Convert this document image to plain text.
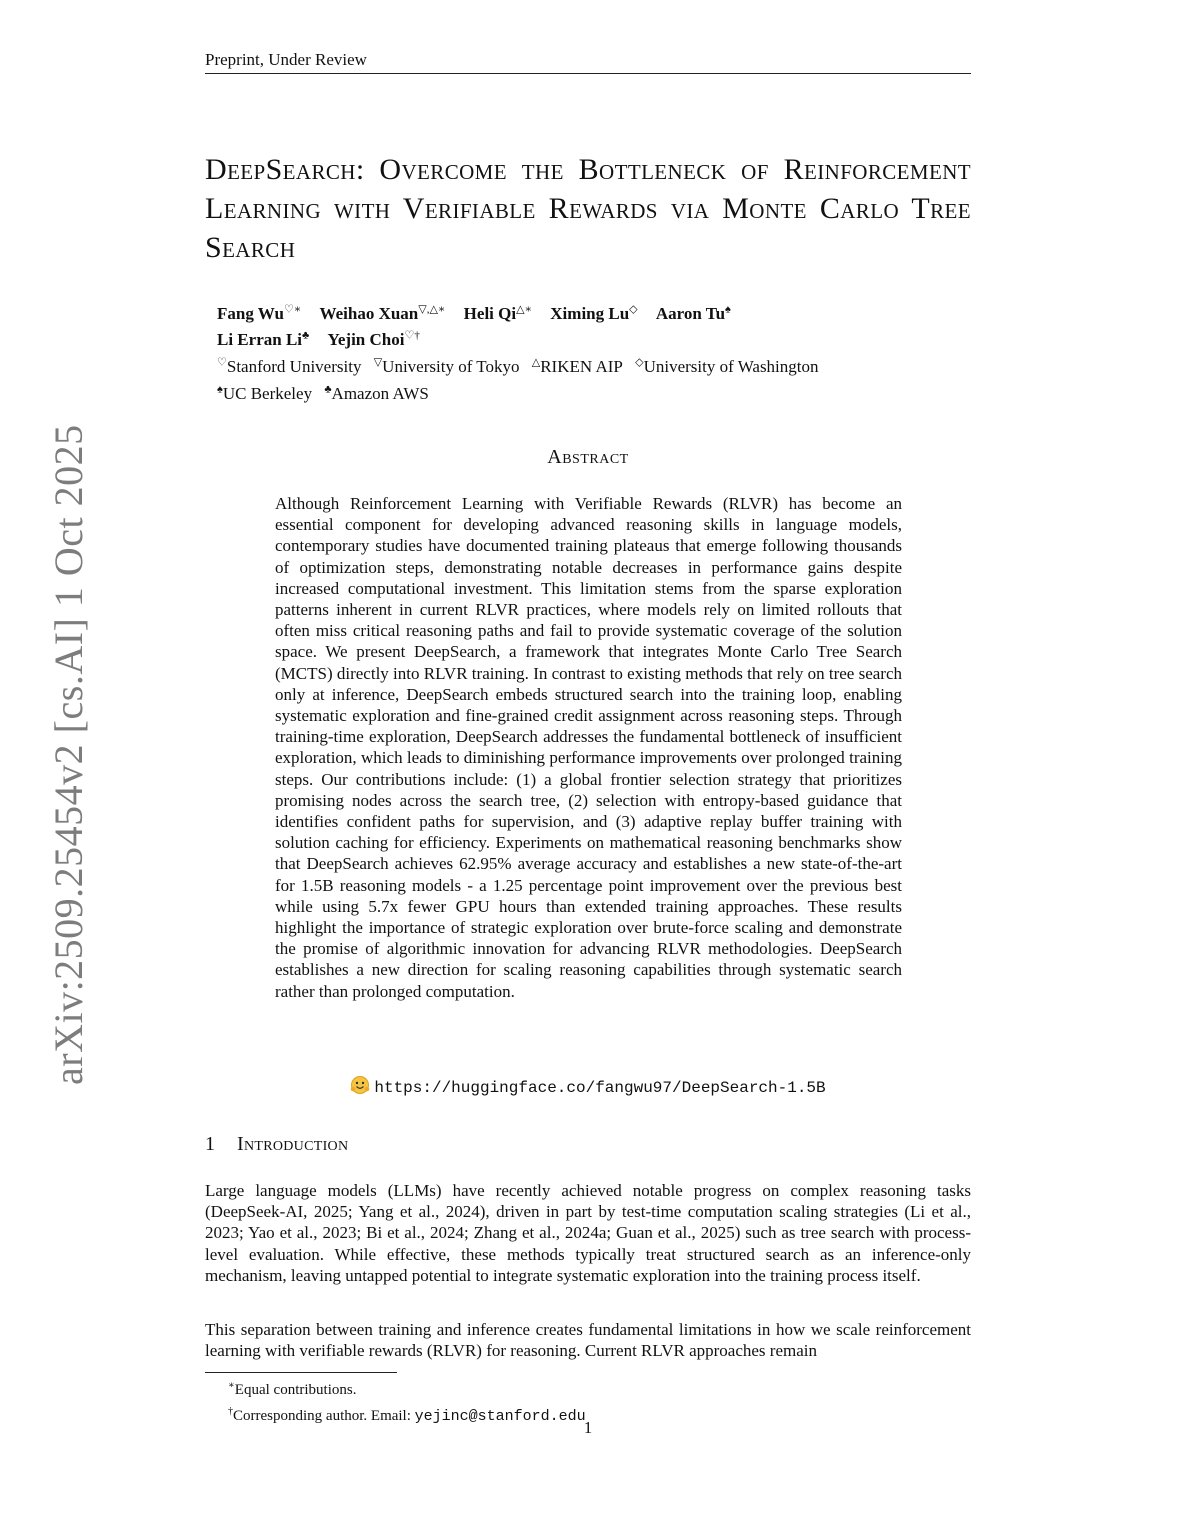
Preprint, Under Review
arXiv:2509.25454v2 [cs.AI] 1 Oct 2025
DeepSearch: Overcome the Bottleneck of Reinforcement Learning with Verifiable Rewards via Monte Carlo Tree Search
Fang Wu♡∗ Weihao Xuan▽,△∗ Heli Qi△∗ Ximing Lu◇ Aaron Tu♠
Li Erran Li♣ Yejin Choi♡†
♡Stanford University ▽University of Tokyo △RIKEN AIP ◇University of Washington
♠UC Berkeley ♣Amazon AWS
Abstract
Although Reinforcement Learning with Verifiable Rewards (RLVR) has become an essential component for developing advanced reasoning skills in language models, contemporary studies have documented training plateaus that emerge following thousands of optimization steps, demonstrating notable decreases in performance gains despite increased computational investment. This limitation stems from the sparse exploration patterns inherent in current RLVR practices, where models rely on limited rollouts that often miss critical reasoning paths and fail to provide systematic coverage of the solution space. We present DeepSearch, a framework that integrates Monte Carlo Tree Search (MCTS) directly into RLVR training. In contrast to existing methods that rely on tree search only at inference, DeepSearch embeds structured search into the training loop, enabling systematic exploration and fine-grained credit assignment across reasoning steps. Through training-time exploration, DeepSearch addresses the fundamental bottleneck of insufficient exploration, which leads to diminishing performance improvements over prolonged training steps. Our contributions include: (1) a global frontier selection strategy that prioritizes promising nodes across the search tree, (2) selection with entropy-based guidance that identifies confident paths for supervision, and (3) adaptive replay buffer training with solution caching for efficiency. Experiments on mathematical reasoning benchmarks show that DeepSearch achieves 62.95% average accuracy and establishes a new state-of-the-art for 1.5B reasoning models - a 1.25 percentage point improvement over the previous best while using 5.7x fewer GPU hours than extended training approaches. These results highlight the importance of strategic exploration over brute-force scaling and demonstrate the promise of algorithmic innovation for advancing RLVR methodologies. DeepSearch establishes a new direction for scaling reasoning capabilities through systematic search rather than prolonged computation.
https://huggingface.co/fangwu97/DeepSearch-1.5B
1 Introduction
Large language models (LLMs) have recently achieved notable progress on complex reasoning tasks (DeepSeek-AI, 2025; Yang et al., 2024), driven in part by test-time computation scaling strategies (Li et al., 2023; Yao et al., 2023; Bi et al., 2024; Zhang et al., 2024a; Guan et al., 2025) such as tree search with process-level evaluation. While effective, these methods typically treat structured search as an inference-only mechanism, leaving untapped potential to integrate systematic exploration into the training process itself.
This separation between training and inference creates fundamental limitations in how we scale reinforcement learning with verifiable rewards (RLVR) for reasoning. Current RLVR approaches remain
∗Equal contributions.
†Corresponding author. Email: yejinc@stanford.edu
1
